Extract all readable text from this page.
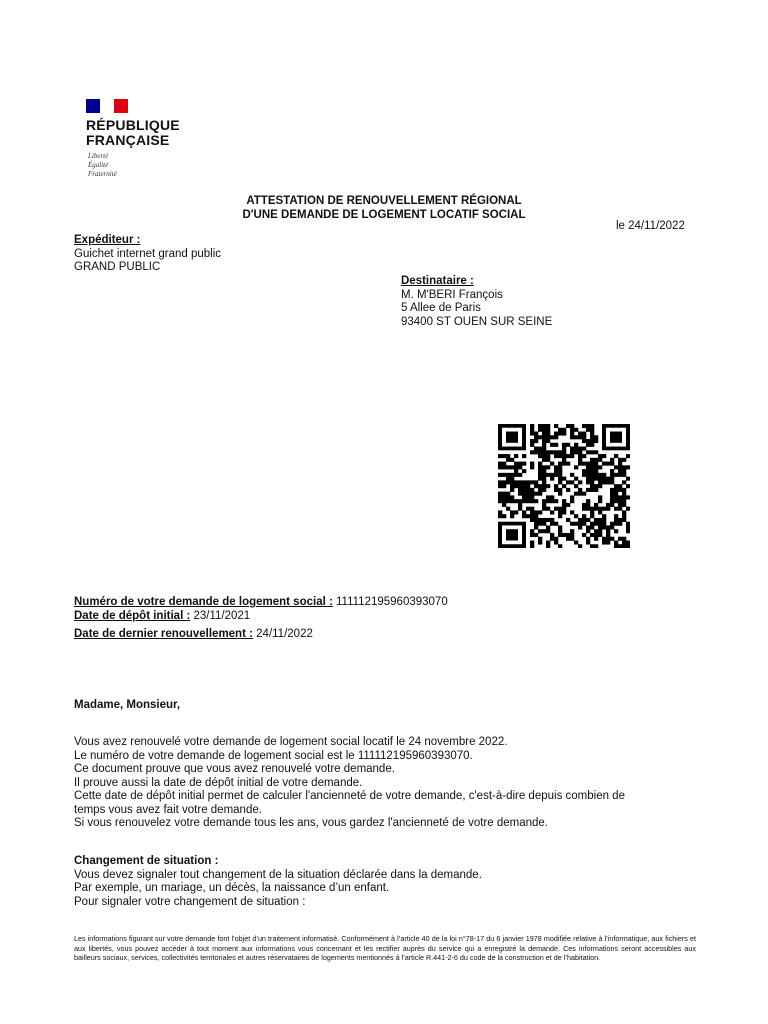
RÉPUBLIQUE
FRANÇAISE
Liberté
Égalité
Fraternité
ATTESTATION DE RENOUVELLEMENT RÉGIONAL
D'UNE DEMANDE DE LOGEMENT LOCATIF SOCIAL
le 24/11/2022
Expéditeur :
Guichet internet grand public
GRAND PUBLIC
Destinataire :
M. M'BERI François
5 Allee de Paris
93400 ST OUEN SUR SEINE
Numéro de votre demande de logement social : 111112195960393070
Date de dépôt initial : 23/11/2021
Date de dernier renouvellement : 24/11/2022
Madame, Monsieur,
Vous avez renouvelé votre demande de logement social locatif le 24 novembre 2022.
Le numéro de votre demande de logement social est le 111112195960393070.
Ce document prouve que vous avez renouvelé votre demande.
Il prouve aussi la date de dépôt initial de votre demande.
Cette date de dépôt initial permet de calculer l'ancienneté de votre demande, c'est-à-dire depuis combien de
temps vous avez fait votre demande.
Si vous renouvelez votre demande tous les ans, vous gardez l'ancienneté de votre demande.
Changement de situation :
Vous devez signaler tout changement de la situation déclarée dans la demande.
Par exemple, un mariage, un décès, la naissance d’un enfant.
Pour signaler votre changement de situation :
Les informations figurant sur votre demande font l’objet d’un traitement informatisé. Conformément à l’article 40 de la loi n°78-17 du 6 janvier 1978 modifiée relative à l’informatique, aux fichiers et aux libertés, vous pouvez accéder à tout moment aux informations vous concernant et les rectifier auprès du service qui a enregistré la demande. Ces informations seront accessibles aux bailleurs sociaux, services, collectivités territoriales et autres réservataires de logements mentionnés à l’article R.441-2-6 du code de la construction et de l’habitation.
